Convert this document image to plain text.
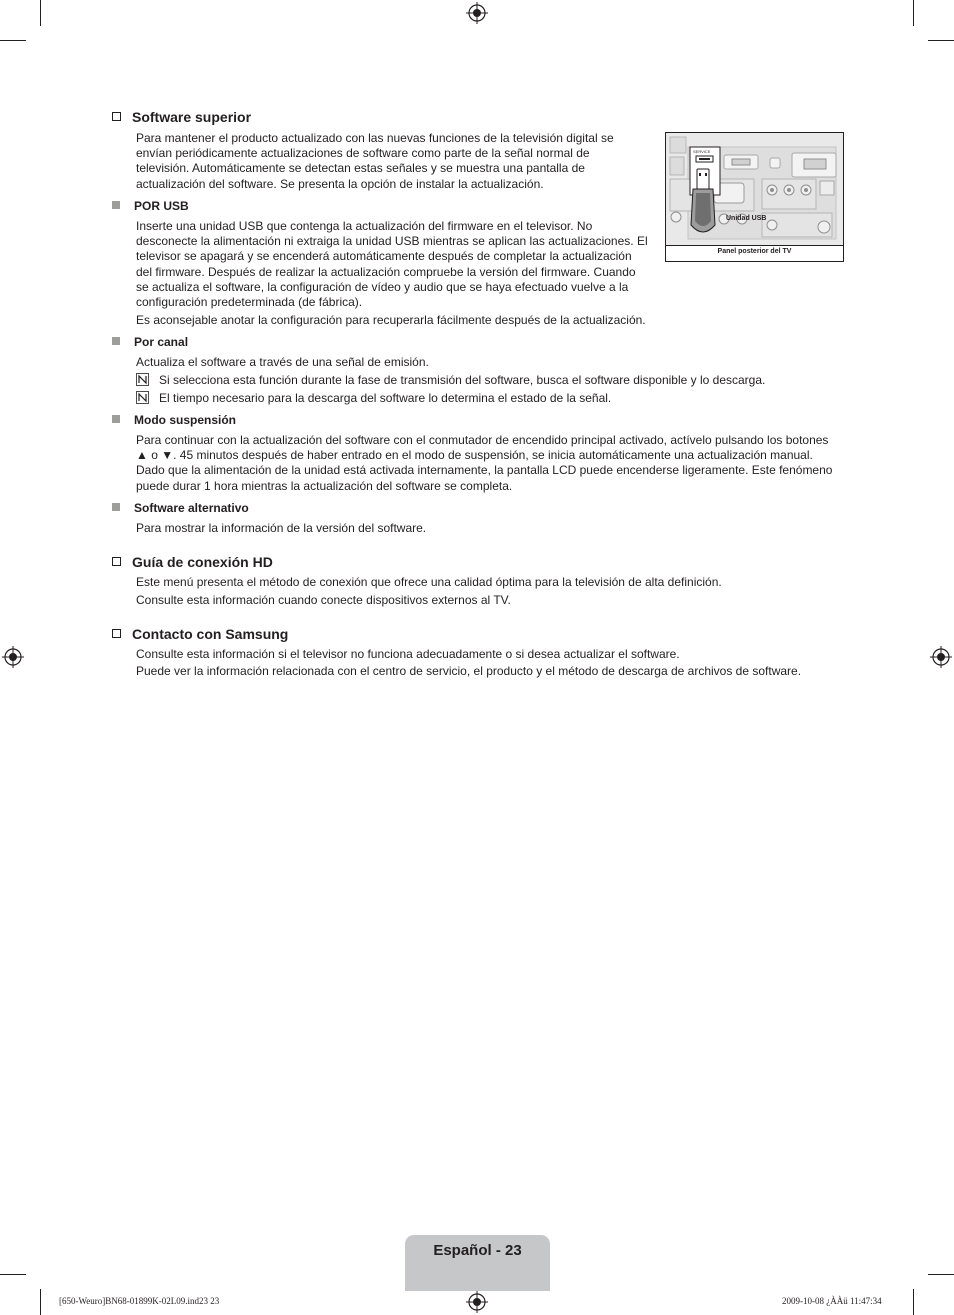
Software superior
Para mantener el producto actualizado con las nuevas funciones de la televisión digital se envían periódicamente actualizaciones de software como parte de la señal normal de televisión. Automáticamente se detectan estas señales y se muestra una pantalla de actualización del software. Se presenta la opción de instalar la actualización.
POR USB
Inserte una unidad USB que contenga la actualización del firmware en el televisor. No desconecte la alimentación ni extraiga la unidad USB mientras se aplican las actualizaciones. El televisor se apagará y se encenderá automáticamente después de completar la actualización del firmware. Después de realizar la actualización compruebe la versión del firmware. Cuando se actualiza el software, la configuración de vídeo y audio que se haya efectuado vuelve a la configuración predeterminada (de fábrica).
Es aconsejable anotar la configuración para recuperarla fácilmente después de la actualización.
SERVICE
Unidad USB
Panel posterior del TV
Por canal
Actualiza el software a través de una señal de emisión.
Si selecciona esta función durante la fase de transmisión del software, busca el software disponible y lo descarga.
El tiempo necesario para la descarga del software lo determina el estado de la señal.
Modo suspensión
Para continuar con la actualización del software con el conmutador de encendido principal activado, actívelo pulsando los botones ▲ o ▼. 45 minutos después de haber entrado en el modo de suspensión, se inicia automáticamente una actualización manual. Dado que la alimentación de la unidad está activada internamente, la pantalla LCD puede encenderse ligeramente. Este fenómeno puede durar 1 hora mientras la actualización del software se completa.
Software alternativo
Para mostrar la información de la versión del software.
Guía de conexión HD
Este menú presenta el método de conexión que ofrece una calidad óptima para la televisión de alta definición.
Consulte esta información cuando conecte dispositivos externos al TV.
Contacto con Samsung
Consulte esta información si el televisor no funciona adecuadamente o si desea actualizar el software.
Puede ver la información relacionada con el centro de servicio, el producto y el método de descarga de archivos de software.
Español - 23
[650-Weuro]BN68-01899K-02L09.ind23 23	2009-10-08 ¿ÀÀü 11:47:34
